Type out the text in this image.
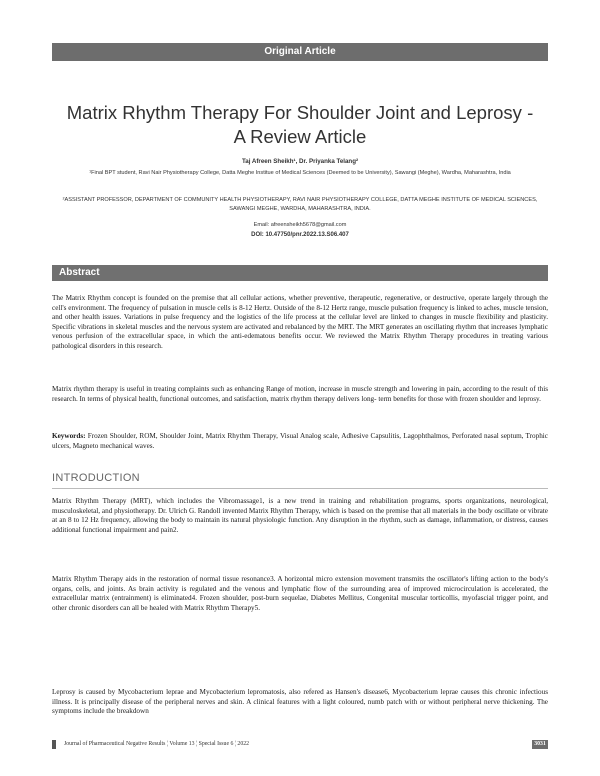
Original Article
Matrix Rhythm Therapy For Shoulder Joint and Leprosy - A Review Article
Taj Afreen Sheikh¹, Dr. Priyanka Telang²
¹Final BPT student, Ravi Nair Physiotherapy College, Datta Meghe Institue of Medical Sciences (Deemed to be University), Sawangi (Meghe), Wardha, Maharashtra, India
²ASSISTANT PROFESSOR, DEPARTMENT OF COMMUNITY HEALTH PHYSIOTHERAPY, RAVI NAIR PHYSIOTHERAPY COLLEGE, DATTA MEGHE INSTITUTE OF MEDICAL SCIENCES, SAWANGI MEGHE, WARDHA, MAHARASHTRA, INDIA.
Email: afreensheikh5678@gmail.com
DOI: 10.47750/pnr.2022.13.S06.407
Abstract

The Matrix Rhythm concept is founded on the premise that all cellular actions, whether preventive, therapeutic, regenerative, or destructive, operate largely through the cell's environment. The frequency of pulsation in muscle cells is 8-12 Hertz. Outside of the 8-12 Hertz range, muscle pulsation frequency is linked to aches, muscle tension, and other health issues. Variations in pulse frequency and the logistics of the life process at the cellular level are linked to changes in muscle flexibility and plasticity. Specific vibrations in skeletal muscles and the nervous system are activated and rebalanced by the MRT. The MRT generates an oscillating rhythm that increases lymphatic venous perfusion of the extracellular space, in which the anti-edematous benefits occur. We reviewed the Matrix Rhythm Therapy procedures in treating various pathological disorders in this research.

Matrix rhythm therapy is useful in treating complaints such as enhancing Range of motion, increase in muscle strength and lowering in pain, according to the result of this research. In terms of physical health, functional outcomes, and satisfaction, matrix rhythm therapy delivers long- term benefits for those with frozen shoulder and leprosy.

Keywords: Frozen Shoulder, ROM, Shoulder Joint, Matrix Rhythm Therapy, Visual Analog scale, Adhesive Capsulitis, Lagophthalmos, Perforated nasal septum, Trophic ulcers, Magneto mechanical waves.

INTRODUCTION

Matrix Rhythm Therapy (MRT), which includes the Vibromassage1, is a new trend in training and rehabilitation programs, sports organizations, neurological, musculoskeletal, and physiotherapy. Dr. Ulrich G. Randoll invented Matrix Rhythm Therapy, which is based on the premise that all materials in the body oscillate or vibrate at an 8 to 12 Hz frequency, allowing the body to maintain its natural physiologic function. Any disruption in the rhythm, such as damage, inflammation, or distress, causes additional functional impairment and pain2.

Matrix Rhythm Therapy aids in the restoration of normal tissue resonance3. A horizontal micro extension movement transmits the oscillator's lifting action to the body's organs, cells, and joints. As brain activity is regulated and the venous and lymphatic flow of the surrounding area of improved microcirculation is accelerated, the extracellular matrix (entrainment) is eliminated4. Frozen shoulder, post-burn sequelae, Diabetes Mellitus, Congenital muscular torticollis, myofascial trigger point, and other chronic disorders can all be healed with Matrix Rhythm Therapy5.

Leprosy is caused by Mycobacterium leprae and Mycobacterium lepromatosis, also refered as Hansen's disease6, Mycobacterium leprae causes this chronic infectious illness. It is principally disease of the peripheral nerves and skin. A clinical features with a light coloured, numb patch with or without peripheral nerve thickening. The symptoms include the breakdown

Journal of Pharmaceutical Negative Results ¦ Volume 13 ¦ Special Issue 6 ¦ 2022	3031
